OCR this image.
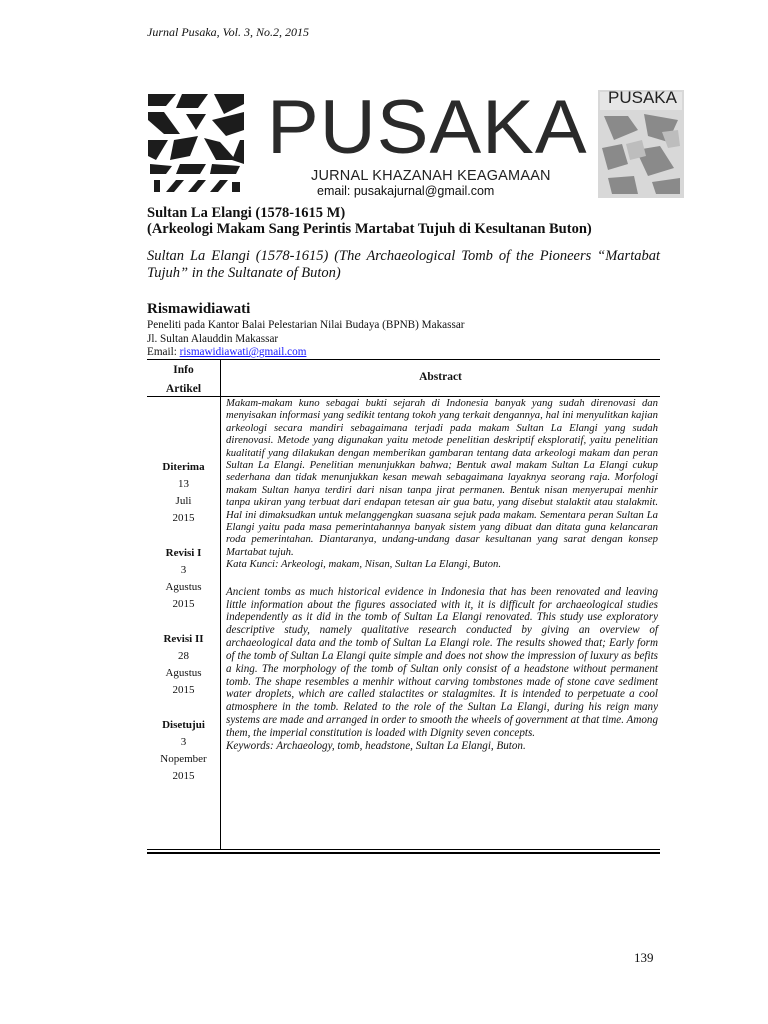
Jurnal Pusaka, Vol. 3, No.2, 2015
PUSAKA
JURNAL KHAZANAH KEAGAMAAN
email: pusakajurnal@gmail.com
PUSAKA
Sultan La Elangi (1578-1615 M)
(Arkeologi Makam Sang Perintis Martabat Tujuh di Kesultanan Buton)
Sultan La Elangi (1578-1615) (The Archaeological Tomb of the Pioneers “Martabat Tujuh” in the Sultanate of Buton)
Rismawidiawati
Peneliti pada Kantor Balai Pelestarian Nilai Budaya (BPNB) Makassar
Jl. Sultan Alauddin Makassar
Email: rismawidiawati@gmail.com
Info
Artikel
Abstract
Diterima
13
Juli
2015
Revisi I
3
Agustus
2015
Revisi II
28
Agustus
2015
Disetujui
3
Nopember
2015

Makam-makam kuno sebagai bukti sejarah di Indonesia banyak yang sudah direnovasi dan menyisakan informasi yang sedikit tentang tokoh yang terkait dengannya, hal ini menyulitkan kajian arkeologi secara mandiri sebagaimana terjadi pada makam Sultan La Elangi yang sudah direnovasi. Metode yang digunakan yaitu metode penelitian deskriptif eksploratif, yaitu penelitian kualitatif yang dilakukan dengan memberikan gambaran tentang data arkeologi makam dan peran Sultan La Elangi. Penelitian menunjukkan bahwa; Bentuk awal makam Sultan La Elangi cukup sederhana dan tidak menunjukkan kesan mewah sebagaimana layaknya seorang raja. Morfologi makam Sultan hanya terdiri dari nisan tanpa jirat permanen. Bentuk nisan menyerupai menhir tanpa ukiran yang terbuat dari endapan tetesan air gua batu, yang disebut stalaktit atau stalakmit. Hal ini dimaksudkan untuk melanggengkan suasana sejuk pada makam. Sementara peran Sultan La Elangi yaitu pada masa pemerintahannya banyak sistem yang dibuat dan ditata guna kelancaran roda pemerintahan. Diantaranya, undang-undang dasar kesultanan yang sarat dengan konsep Martabat tujuh.

Kata Kunci: Arkeologi, makam, Nisan, Sultan La Elangi, Buton.

Ancient tombs as much historical evidence in Indonesia that has been renovated and leaving little information about the figures associated with it, it is difficult for archaeological studies independently as it did in the tomb of Sultan La Elangi renovated. This study use exploratory descriptive study, namely qualitative research conducted by giving an overview of archaeological data and the tomb of Sultan La Elangi role. The results showed that; Early form of the tomb of Sultan La Elangi quite simple and does not show the impression of luxury as befits a king. The morphology of the tomb of Sultan only consist of a headstone without permanent tomb. The shape resembles a menhir without carving tombstones made of stone cave sediment water droplets, which are called stalactites or stalagmites. It is intended to perpetuate a cool atmosphere in the tomb. Related to the role of the Sultan La Elangi, during his reign many systems are made and arranged in order to smooth the wheels of government at that time. Among them, the imperial constitution is loaded with Dignity seven concepts.

Keywords: Archaeology, tomb, headstone, Sultan La Elangi, Buton.

139
